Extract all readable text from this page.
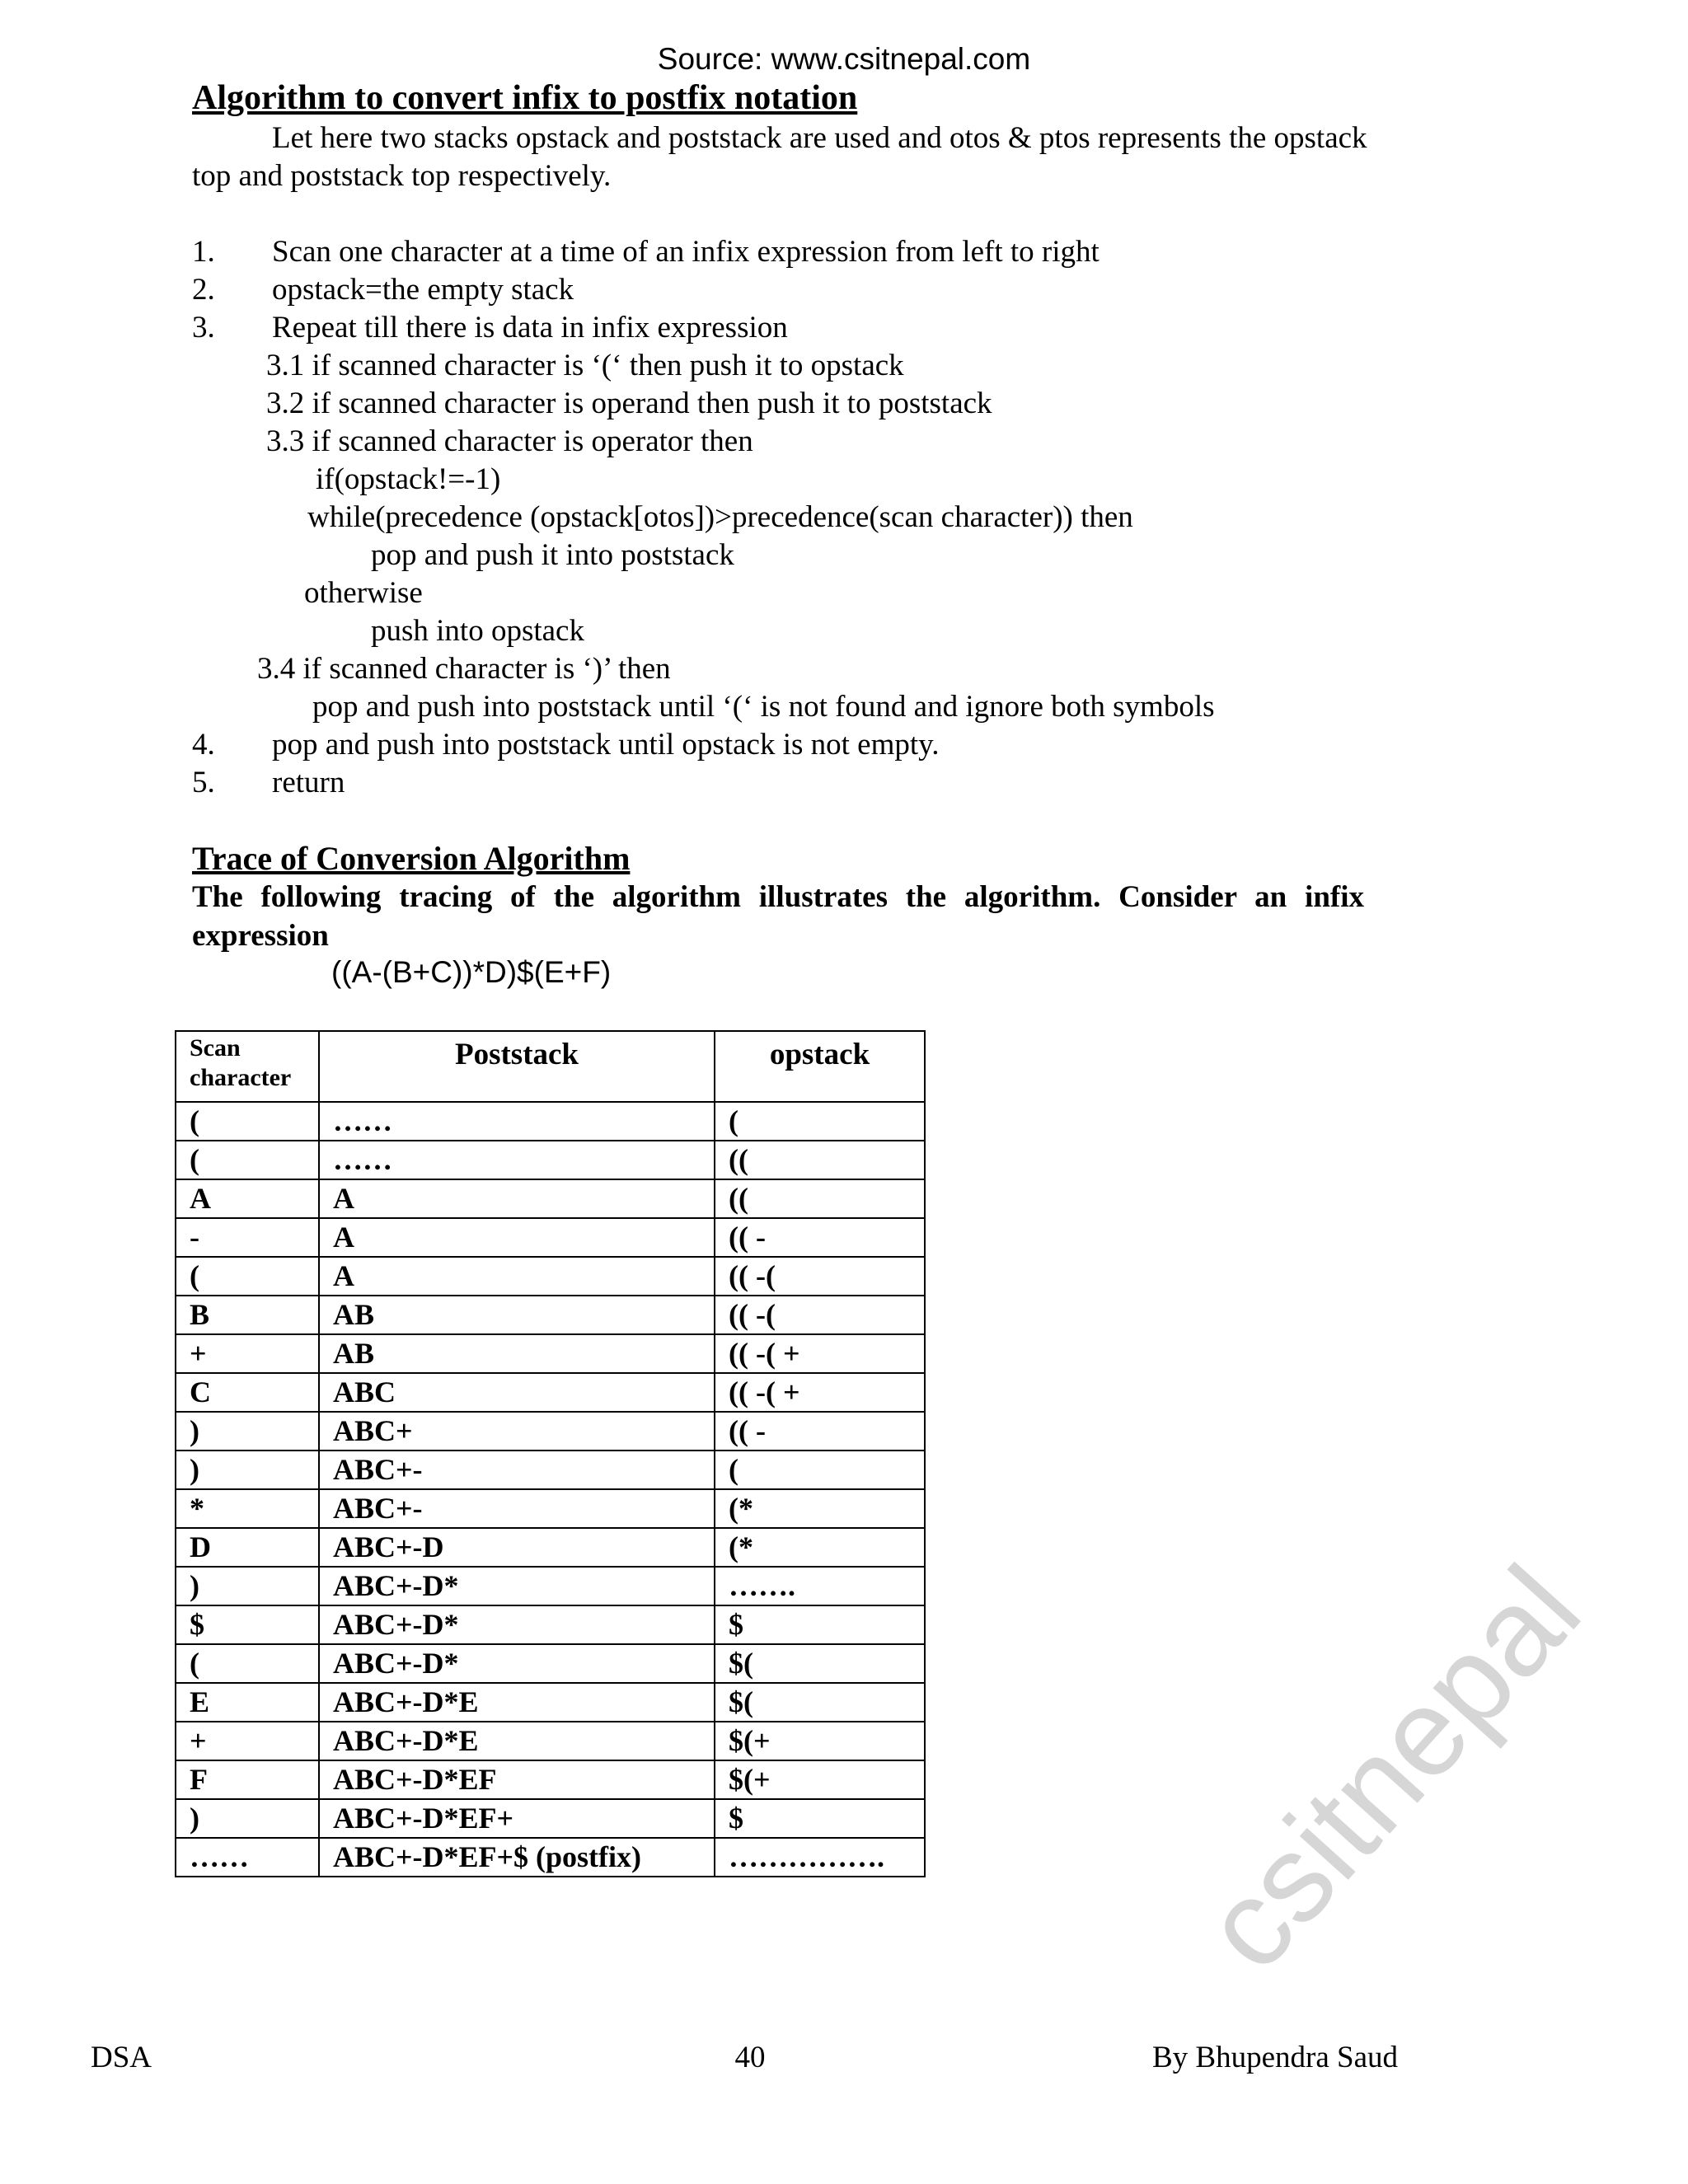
Source: www.csitnepal.com
Algorithm to convert infix to postfix notation

Let here two stacks opstack and poststack are used and otos & ptos represents the opstack top and poststack top respectively.

1.	Scan one character at a time of an infix expression from left to right
2.	opstack=the empty stack
3.	Repeat till there is data in infix expression
3.1 if scanned character is ‘(‘ then push it to opstack
3.2 if scanned character is operand then push it to poststack
3.3 if scanned character is operator then
if(opstack!=-1)
while(precedence (opstack[otos])>precedence(scan character)) then
pop and push it into poststack
otherwise
push into opstack
3.4 if scanned character is ‘)’ then
pop and push into poststack until ‘(‘ is not found and ignore both symbols
4.	pop and push into poststack until opstack is not empty.
5.	return
Trace of Conversion Algorithm
The following tracing of the algorithm illustrates the algorithm. Consider an infix expression
((A-(B+C))*D)$(E+F)
Scan character	Poststack	opstack
(	……	(
(	……	((
A	A	((
-	A	(( -
(	A	(( -(
B	AB	(( -(
+	AB	(( -( +
C	ABC	(( -( +
)	ABC+	(( -
)	ABC+-	(
*	ABC+-	(*
D	ABC+-D	(*
)	ABC+-D*	…….
$	ABC+-D*	$
(	ABC+-D*	$(
E	ABC+-D*E	$(
+	ABC+-D*E	$(+
F	ABC+-D*EF	$(+
)	ABC+-D*EF+	$
……	ABC+-D*EF+$ (postfix)	…………….
DSA	40	By Bhupendra Saud
csitnepal
